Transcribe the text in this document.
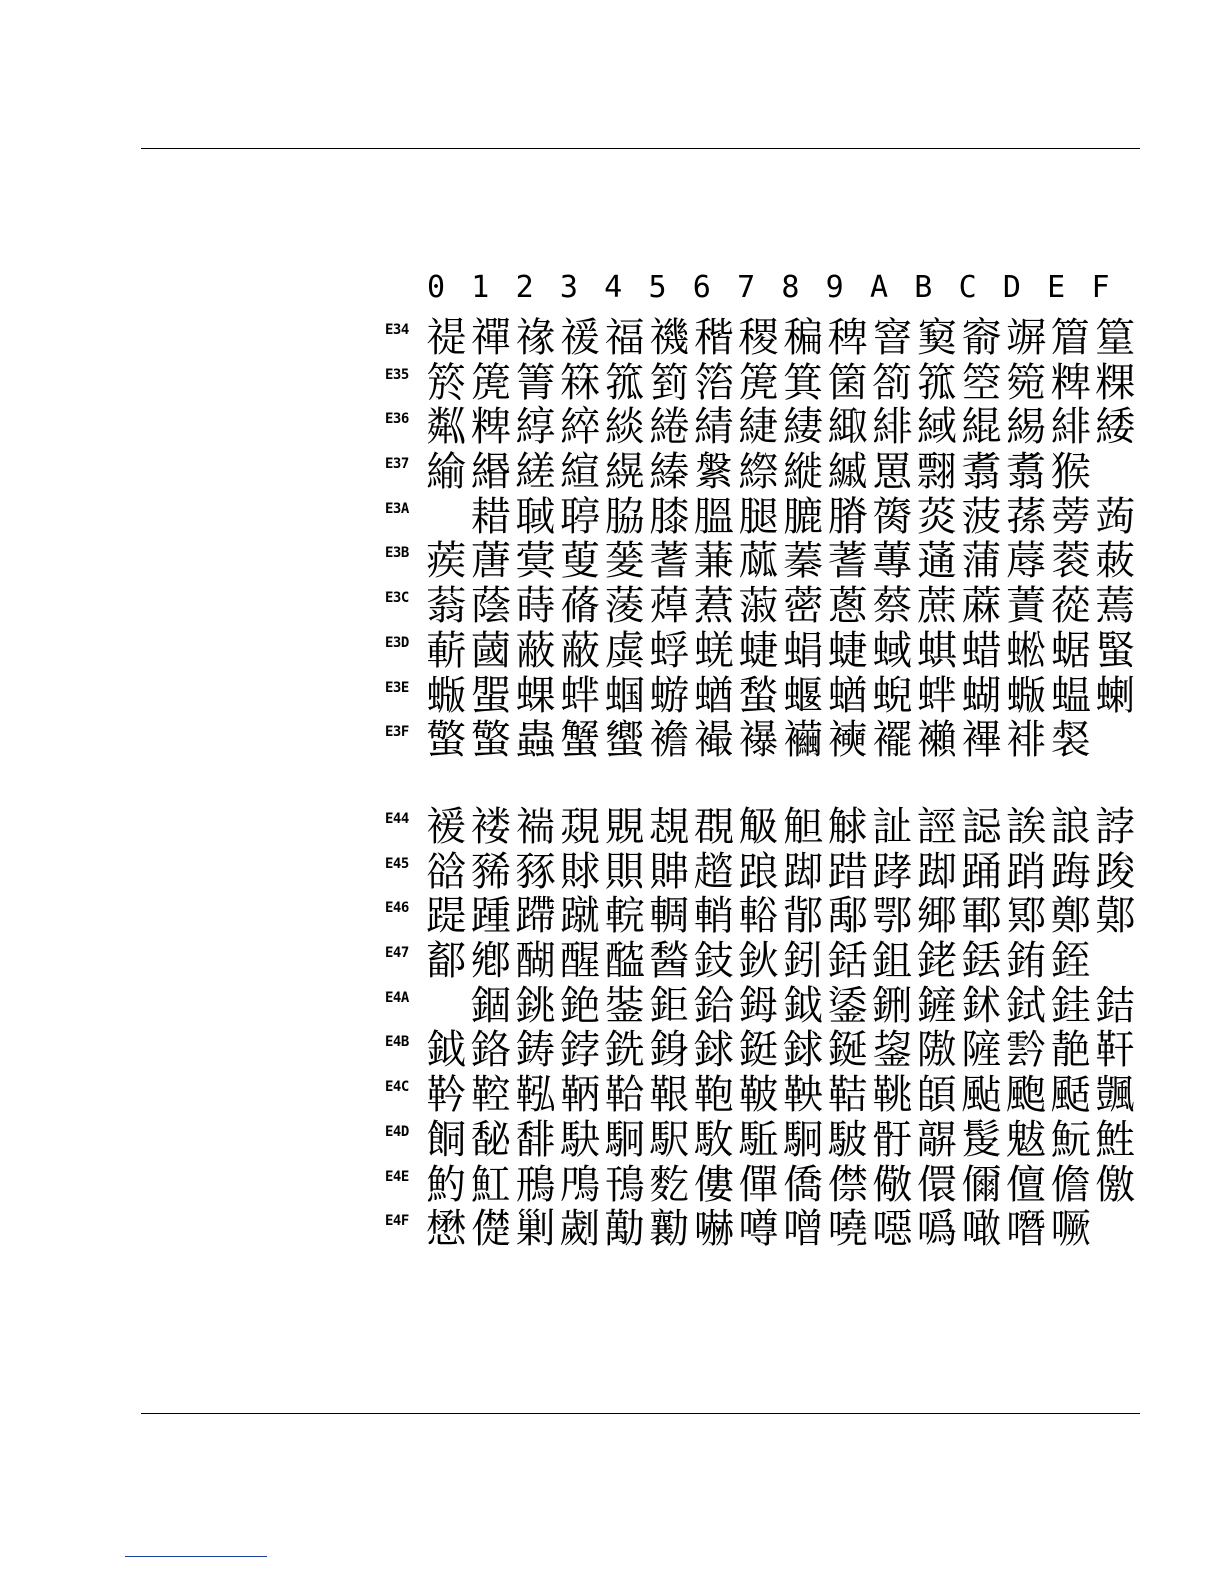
0 1 2 3 4 5 6 7 8 9 A B C D E F
E34 禔 禪 禒 禐 福 禨 稭 稷 稨 稗 窨 窫 窬 竮 篃 篂
E35 箊 箎 箐 箖 箛 箌 箈 箎 箕 箘 箚 箛 箜 箢 粺 粿
E36 粼 粺 綧 綷 緂 綣 綪 緁 緀 緅 緋 緎 緄 緆 緋 緌
E37 緰 緡 縒 縇 縨 縥 縏 縩 縰 縬 罳 翲 翥 翥 猴
E3A 耤 聝 聤 脇 膝 膃 腿 膔 膌 膐 菼 菠 蓀 蒡 蒟
E3B 蒺 蓎 蓂 蓃 蓌 蓍 蒹 蓏 蓁 蓍 蓴 蓪 蒲 蓐 蓘 蓛
E3C 蓊 蔭 蒔 蓨 蔆 蔊 蔒 蔋 蔤 蔥 蔡 蔗 蔴 蔶 蓯 蔫
E3D 蔪 蔮 蔽 蔽 虡 蜉 蜣 蜨 蜎 蜨 蜮 蜞 蜡 蜙 蜛 蜸
E3E 蝂 蜰 蜾 蝆 蝈 蝣 蝤 蝵 蝘 蝤 蜺 蝆 蝴 蝂 蝹 蝲
E3F 蟼 蟼 蟲 蟹 蠁 襜 襊 襮 襺 襫 襬 襰 襅 裶 裻
E44 褑 褛 褍 覝 覞 覟 覠 觙 觛 觩 訨 誙 誋 誒 誏 誖
E45 谽 豨 豩 賕 賏 賗 趦 踉 踋 踖 踍 踋 踊 踃 踇 踆
E46 踶 踵 蹛 蹴 輐 輖 輎 輍 鄁 鄅 鄂 鄊 鄆 鄍 鄭 鄚
E47 鄐 鄕 醐 醒 醓 醔 鈘 鈥 鈏 銛 鉏 銠 銩 銪 銍
E4A 錮 銚 銫 銺 鉅 鉿 鉧 鉞 鋈 鉶 鏟 鉥 鉽 銈 銡
E4B 鉞 鉻 鋳 鋍 銑 銵 銶 鋌 銶 鋋 鋆 隞 隡 霒 靘 靬
E4C 靲 鞚 鞃 鞆 鞈 鞎 鞄 鞁 鞅 鞊 鞉 頧 颭 颮 颳 颽
E4D 餇 馝 馡 駃 駉 駅 駇 駈 駉 駊 骬 髜 髲 魃 魭 鮏
E4E 魡 魟 鳽 鳲 鳱 麧 僂 僤 僑 僸 儆 儇 儞 儃 儋 儌
E4F 懋 儊 剿 劌 勱 勷 嚇 噂 噌 嘵 噁 噅 噉 噆 噘
